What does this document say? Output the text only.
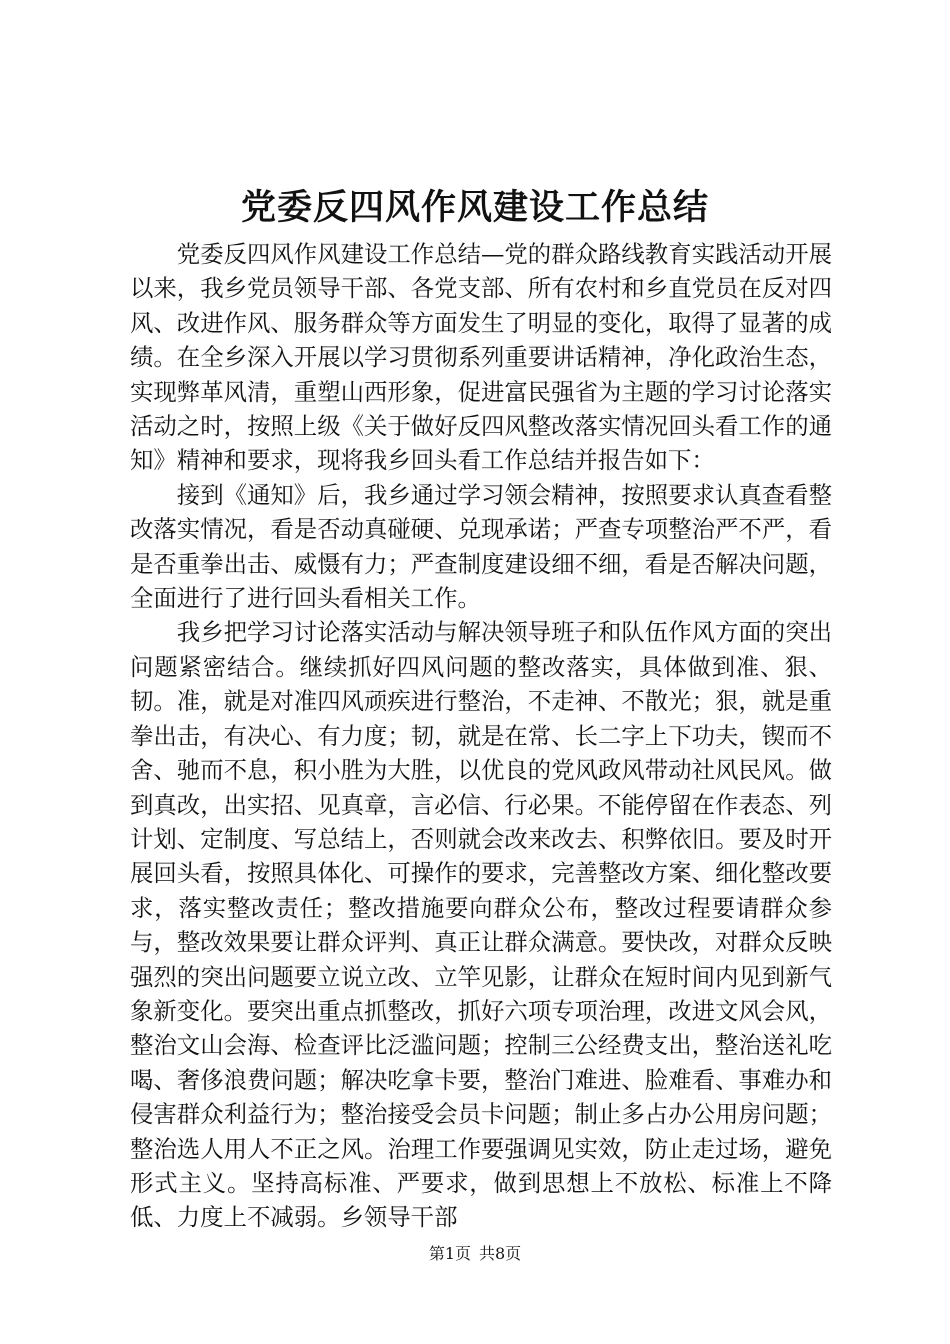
党委反四风作风建设工作总结

党委反四风作风建设工作总结—党的群众路线教育实践活动开展以来，我乡党员领导干部、各党支部、所有农村和乡直党员在反对四风、改进作风、服务群众等方面发生了明显的变化，取得了显著的成绩。在全乡深入开展以学习贯彻系列重要讲话精神，净化政治生态，实现弊革风清，重塑山西形象，促进富民强省为主题的学习讨论落实活动之时，按照上级《关于做好反四风整改落实情况回头看工作的通知》精神和要求，现将我乡回头看工作总结并报告如下：

接到《通知》后，我乡通过学习领会精神，按照要求认真查看整改落实情况，看是否动真碰硬、兑现承诺；严查专项整治严不严，看是否重拳出击、威慑有力；严查制度建设细不细，看是否解决问题，全面进行了进行回头看相关工作。

我乡把学习讨论落实活动与解决领导班子和队伍作风方面的突出问题紧密结合。继续抓好四风问题的整改落实，具体做到准、狠、韧。准，就是对准四风顽疾进行整治，不走神、不散光；狠，就是重拳出击，有决心、有力度；韧，就是在常、长二字上下功夫，锲而不舍、驰而不息，积小胜为大胜，以优良的党风政风带动社风民风。做到真改，出实招、见真章，言必信、行必果。不能停留在作表态、列计划、定制度、写总结上，否则就会改来改去、积弊依旧。要及时开展回头看，按照具体化、可操作的要求，完善整改方案、细化整改要求，落实整改责任；整改措施要向群众公布，整改过程要请群众参与，整改效果要让群众评判、真正让群众满意。要快改，对群众反映强烈的突出问题要立说立改、立竿见影，让群众在短时间内见到新气象新变化。要突出重点抓整改，抓好六项专项治理，改进文风会风，整治文山会海、检查评比泛滥问题；控制三公经费支出，整治送礼吃喝、奢侈浪费问题；解决吃拿卡要，整治门难进、脸难看、事难办和侵害群众利益行为；整治接受会员卡问题；制止多占办公用房问题；整治选人用人不正之风。治理工作要强调见实效，防止走过场，避免形式主义。坚持高标准、严要求，做到思想上不放松、标准上不降低、力度上不减弱。乡领导干部

第1页 共8页
